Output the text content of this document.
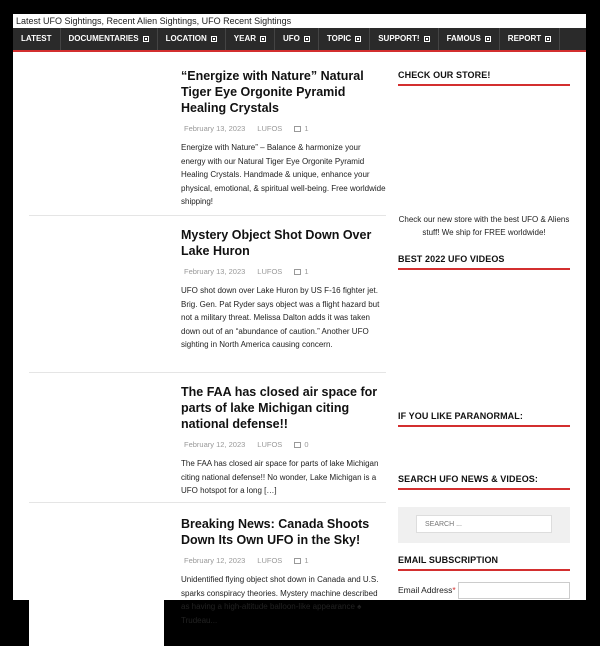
Latest UFO Sightings, Recent Alien Sightings, UFO Recent Sightings
LATEST DOCUMENTARIES	LOCATION	YEAR	UFO	TOPIC	SUPPORT!	FAMOUS	REPORT
“Energize with Nature” Natural Tiger Eye Orgonite Pyramid Healing Crystals
February 13, 2023 LUFOS	1
Energize with Nature” – Balance & harmonize your energy with our Natural Tiger Eye Orgonite Pyramid Healing Crystals. Handmade & unique, enhance your physical, emotional, & spiritual well-being. Free worldwide shipping!
Mystery Object Shot Down Over Lake Huron
February 13, 2023 LUFOS	1
UFO shot down over Lake Huron by US F-16 fighter jet. Brig. Gen. Pat Ryder says object was a flight hazard but not a military threat. Melissa Dalton adds it was taken down out of an “abundance of caution.” Another UFO sighting in North America causing concern.
The FAA has closed air space for parts of lake Michigan citing national defense!!
February 12, 2023 LUFOS	0
The FAA has closed air space for parts of lake Michigan citing national defense!! No wonder, Lake Michigan is a UFO hotspot for a long […]
Breaking News: Canada Shoots Down Its Own UFO in the Sky!
February 12, 2023 LUFOS	1
Unidentified flying object shot down in Canada and U.S. sparks conspiracy theories. Mystery machine described as having a high-altitude balloon-like appearance ♠ Trudeau...
CHECK OUR STORE!
Check our new store with the best UFO & Aliens stuff! We ship for FREE worldwide!
BEST 2022 UFO VIDEOS
IF YOU LIKE PARANORMAL:
SEARCH UFO NEWS & VIDEOS:
SEARCH ...
EMAIL SUBSCRIPTION
Email Address*
